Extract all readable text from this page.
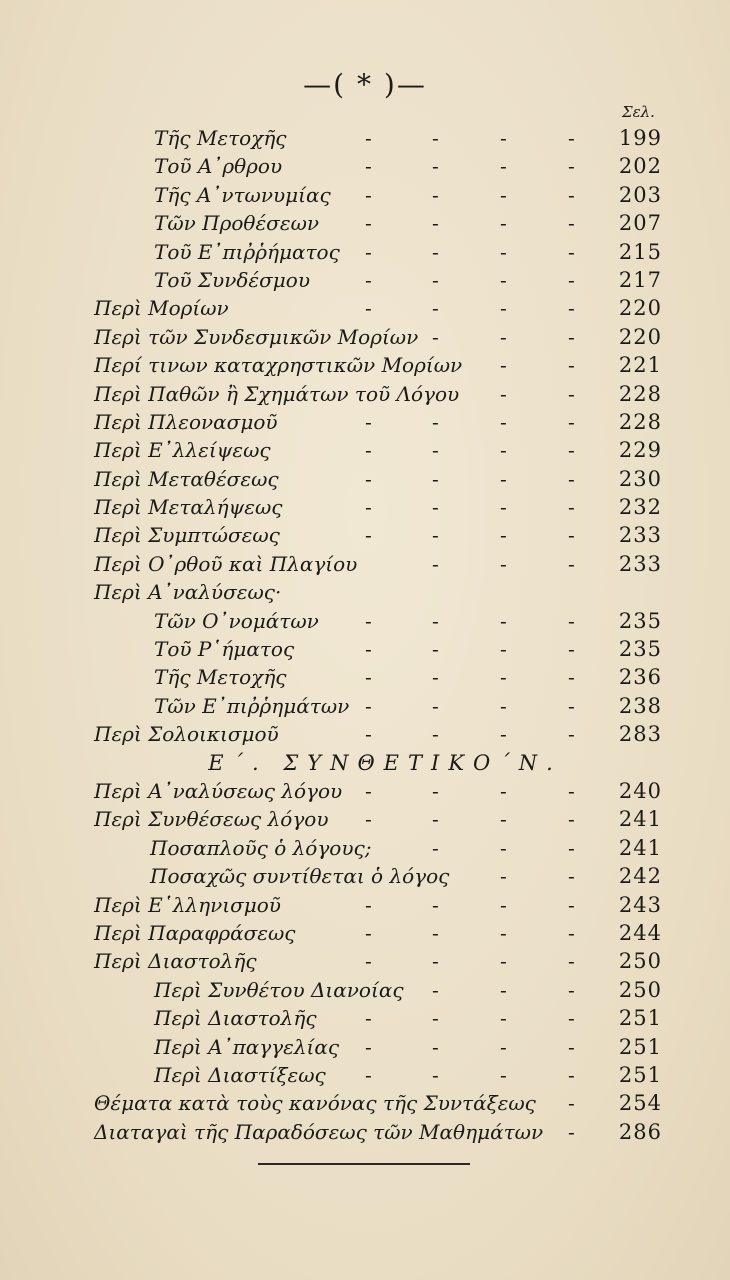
—( * )—
Σελ.
Τῆς Μετοχῆς	-	-	-	-	199
Τοῦ Α᾿ρθρου	-	-	-	-	202
Τῆς Α᾿ντωνυμίας -	-	-	-	203
Τῶν Προθέσεων -	-	-	-	207
Τοῦ Ε᾿πιῤῥήματος -	-	-	-	215
Τοῦ Συνδέσμου	-	-	-	-	217
Περὶ Μορίων	-	-	-	-	220
Περὶ τῶν Συνδεσμικῶν Μορίων -	-	-	220
Περί τινων καταχρηστικῶν Μορίων -	-	221
Περὶ Παθῶν ἢ Σχημάτων τοῦ Λόγου -	-	228
Περὶ Πλεονασμοῦ	-	-	-	-	228
Περὶ Ε᾿λλείψεως	-	-	-	-	229
Περὶ Μεταθέσεως	-	-	-	-	230
Περὶ Μεταλήψεως	-	-	-	-	232
Περὶ Συμπτώσεως	-	-	-	-	233
Περὶ Ο᾿ρθοῦ καὶ Πλαγίου	-	-	-	233
Περὶ Α᾿ναλύσεως·
Τῶν Ο᾿νομάτων -	-	-	-	235
Τοῦ Ρ῾ήματος	-	-	-	-	235
Τῆς Μετοχῆς	-	-	-	-	236
Τῶν Ε᾿πιῤῥημάτων -	-	-	-	238
Περὶ Σολοικισμοῦ	-	-	-	-	283
Ε΄. ΣΥΝΘΕΤΙΚΟ΄Ν.
Περὶ Α᾿ναλύσεως λόγου -	-	-	-	240
Περὶ Συνθέσεως λόγου -	-	-	-	241
Ποσαπλοῦς ὁ λόγους;	-	-	-	241
Ποσαχῶς συντίθεται ὁ λόγος	-	-	242
Περὶ Ε῾λληνισμοῦ	-	-	-	-	243
Περὶ Παραφράσεως	-	-	-	-	244
Περὶ Διαστολῆς	-	-	-	-	250
Περὶ Συνθέτου Διανοίας -	-	-	250
Περὶ Διαστολῆς -	-	-	-	251
Περὶ Α᾿παγγελίας -	-	-	-	251
Περὶ Διαστίξεως -	-	-	-	251
Θέματα κατὰ τοὺς κανόνας τῆς Συντάξεως -	254
Διαταγαὶ τῆς Παραδόσεως τῶν Μαθημάτων -	286
